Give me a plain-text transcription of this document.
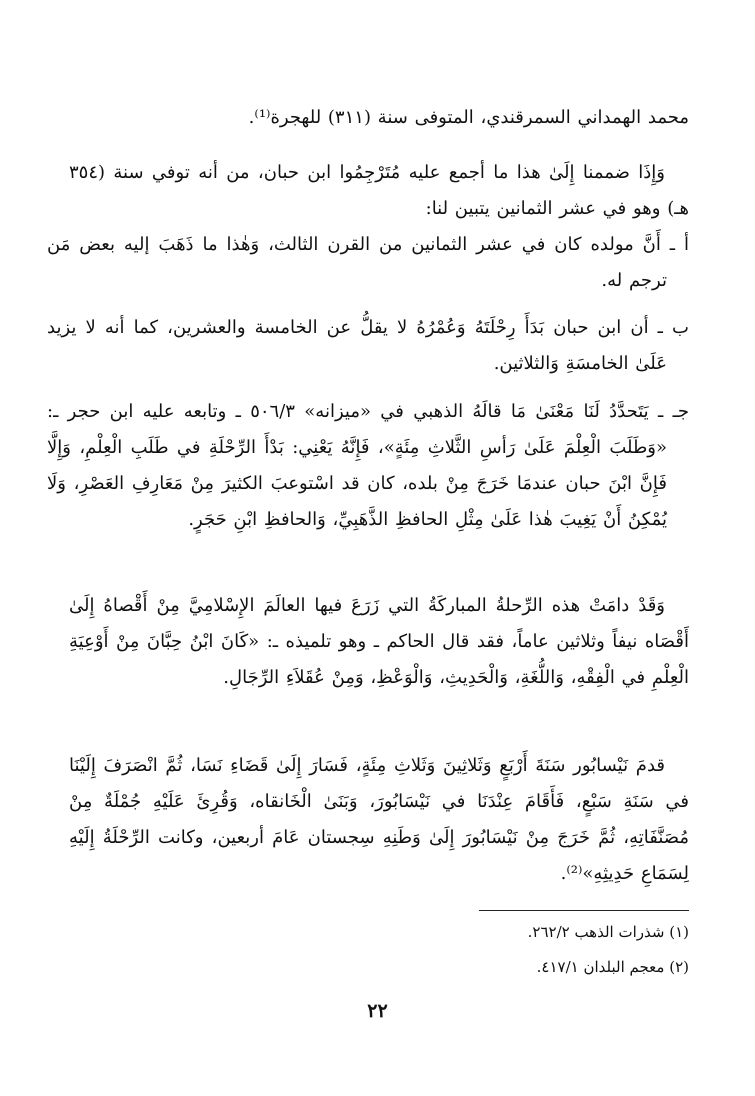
محمد الهمداني السمرقندي، المتوفى سنة (٣١١) للهجرة⁽¹⁾.

وَإِذَا ضممنا إِلَىٰ هذا ما أجمع عليه مُتَرْجِمُوا ابن حبان، من أنه توفي سنة (٣٥٤ هـ) وهو في عشر الثمانين يتبين لنا:

أ ـ أَنَّ مولده كان في عشر الثمانين من القرن الثالث، وَهٰذا ما ذَهَبَ إليه بعض مَن ترجم له.

ب ـ أن ابن حبان بَدَأَ رِحْلَتَهُ وَعُمْرُهُ لا يقلُّ عن الخامسة والعشرين، كما أنه لا يزيد عَلَىٰ الخامسَةِ وَالثلاثين.

جـ ـ يَتَحدَّدُ لَنَا مَعْنَىٰ مَا قالَهُ الذهبي في «ميزانه» ٥٠٦/٣ ـ وتابعه عليه ابن حجر ـ: «وَطَلَبَ الْعِلْمَ عَلَىٰ رَأسِ الثَّلاثِ مِئَةٍ»، فَإِنَّهُ يَعْنِي: بَدْأَ الرِّحْلَةِ في طَلَبِ الْعِلْمِ، وَإِلَّا فَإِنَّ ابْنَ حبان عندمَا خَرَجَ مِنْ بلده، كان قد اسْتوعبَ الكثيرَ مِنْ مَعَارِفِ العَصْرِ، وَلَا يُمْكِنُ أَنْ يَغِيبَ هٰذا عَلَىٰ مِثْلِ الحافظِ الذَّهَبِيِّ، وَالحافظِ ابْنِ حَجَرٍ.

وَقَدْ دامَتْ هذه الرِّحلةُ المباركَةُ التي زَرَعَ فيها العالَمَ الإِسْلامِيَّ مِنْ أَقْصاهُ إِلَىٰ أَقْصَاه نيفاً وثلاثين عاماً، فقد قال الحاكم ـ وهو تلميذه ـ: «كَانَ ابْنُ حِبَّانَ مِنْ أَوْعِيَةِ الْعِلْمِ في الْفِقْهِ، وَاللُّغَةِ، وَالْحَدِيثِ، وَالْوَعْظِ، وَمِنْ عُقَلاَءِ الرِّجَالِ.

قدمَ نَيْسابُور سَنَةَ أَرْبَعٍ وَثَلاثِينَ وَثَلاثِ مِئَةٍ، فَسَارَ إِلَىٰ قَضَاءِ نَسَا، ثُمَّ انْصَرَفَ إِلَيْنَا في سَنَةِ سَبْعٍ، فَأَقَامَ عِنْدَنَا في نَيْسَابُورَ، وَبَنَىٰ الْخَانقاه، وَقُرِئَ عَلَيْهِ جُمْلَةٌ مِنْ مُصَنَّفَاتِهِ، ثُمَّ خَرَجَ مِنْ نَيْسَابُورَ إِلَىٰ وَطَنِهِ سِجستان عَامَ أربعين، وكانت الرِّحْلَةُ إِلَيْهِ لِسَمَاعِ حَدِيثِهِ»⁽²⁾.

(١) شذرات الذهب ٢٦٢/٢.

(٢) معجم البلدان ٤١٧/١.

٢٢
